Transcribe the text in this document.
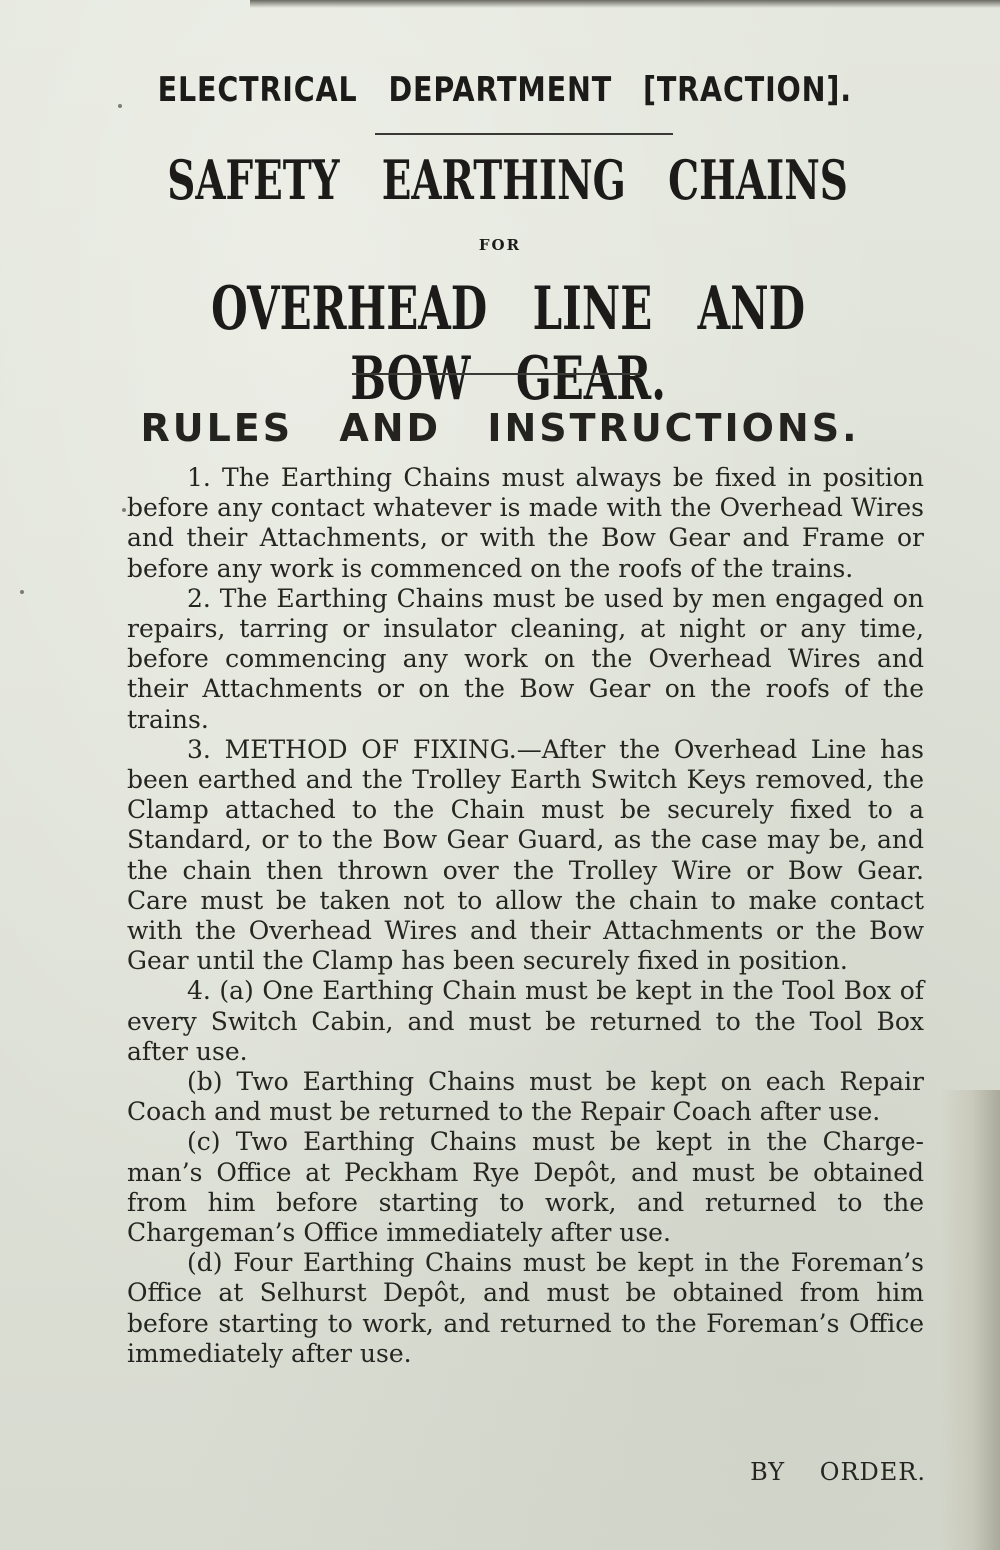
ELECTRICAL DEPARTMENT [TRACTION].
SAFETY EARTHING CHAINS
FOR
OVERHEAD LINE AND BOW GEAR.
RULES AND INSTRUCTIONS.

1. The Earthing Chains must always be fixed in position before any contact whatever is made with the Overhead Wires and their Attachments, or with the Bow Gear and Frame or before any work is commenced on the roofs of the trains.

2. The Earthing Chains must be used by men engaged on repairs, tarring or insulator cleaning, at night or any time, before commencing any work on the Overhead Wires and their Attachments or on the Bow Gear on the roofs of the trains.

3. METHOD OF FIXING.—After the Overhead Line has been earthed and the Trolley Earth Switch Keys removed, the Clamp attached to the Chain must be securely fixed to a Standard, or to the Bow Gear Guard, as the case may be, and the chain then thrown over the Trolley Wire or Bow Gear. Care must be taken not to allow the chain to make contact with the Overhead Wires and their Attachments or the Bow Gear until the Clamp has been securely fixed in position.

4. (a) One Earthing Chain must be kept in the Tool Box of every Switch Cabin, and must be returned to the Tool Box after use.

(b) Two Earthing Chains must be kept on each Repair Coach and must be returned to the Repair Coach after use.

(c) Two Earthing Chains must be kept in the Chargeman’s Office at Peckham Rye Depôt, and must be obtained from him before starting to work, and returned to the Chargeman’s Office immediately after use.

(d) Four Earthing Chains must be kept in the Foreman’s Office at Selhurst Depôt, and must be obtained from him before starting to work, and returned to the Foreman’s Office immediately after use.

BY ORDER.
